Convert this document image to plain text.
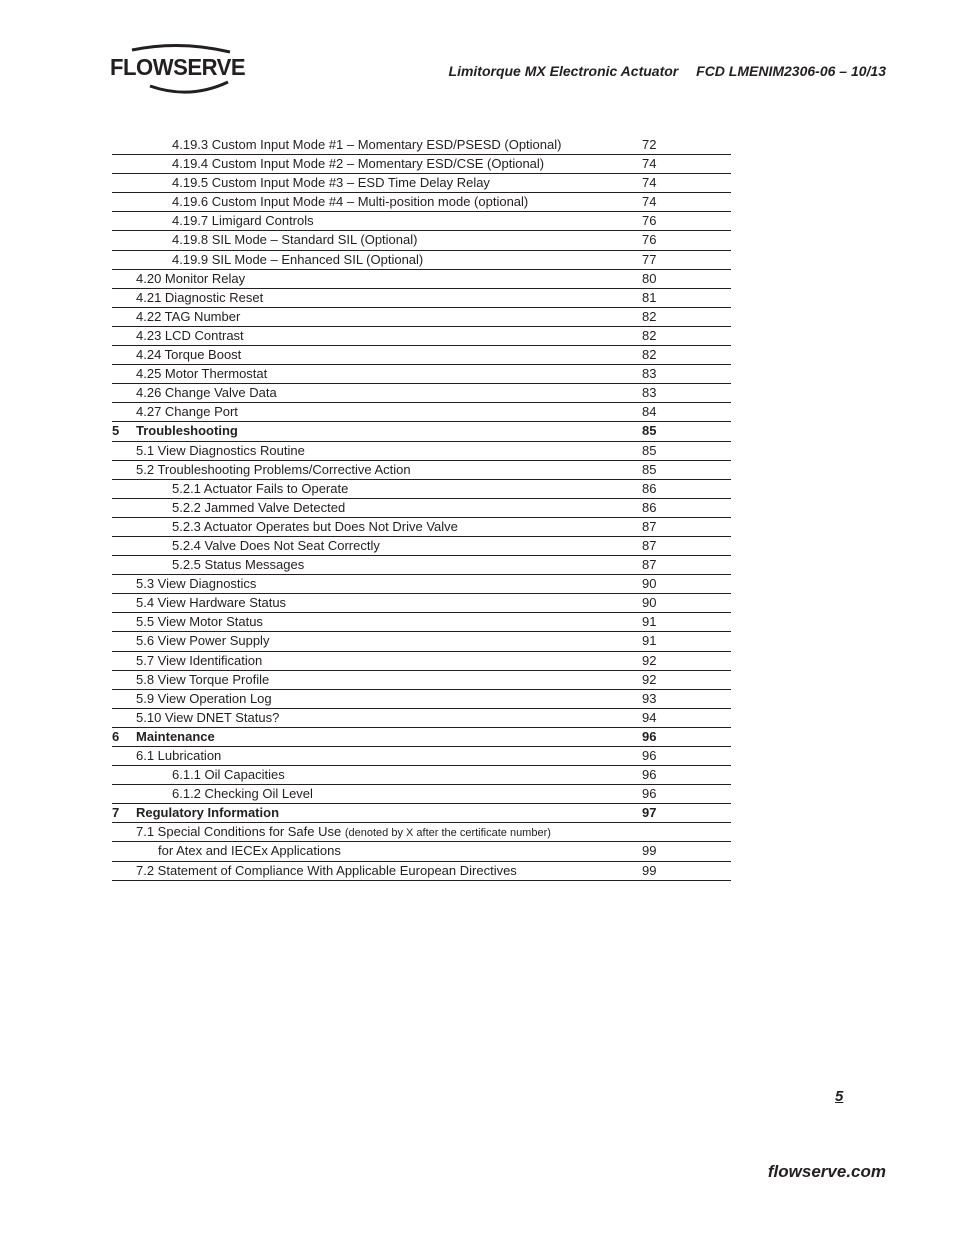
FLOWSERVE	Limitorque MX Electronic Actuator FCD LMENIM2306-06 – 10/13
4.19.3 Custom Input Mode #1 – Momentary ESD/PSESD (Optional)	72
4.19.4 Custom Input Mode #2 – Momentary ESD/CSE (Optional)	74
4.19.5 Custom Input Mode #3 – ESD Time Delay Relay	74
4.19.6 Custom Input Mode #4 – Multi-position mode (optional)	74
4.19.7 Limigard Controls	76
4.19.8 SIL Mode – Standard SIL (Optional)	76
4.19.9 SIL Mode – Enhanced SIL (Optional)	77
4.20 Monitor Relay	80
4.21 Diagnostic Reset	81
4.22 TAG Number	82
4.23 LCD Contrast	82
4.24 Torque Boost	82
4.25 Motor Thermostat	83
4.26 Change Valve Data	83
4.27 Change Port	84
5 Troubleshooting	85
5.1 View Diagnostics Routine	85
5.2 Troubleshooting Problems/Corrective Action	85
5.2.1 Actuator Fails to Operate	86
5.2.2 Jammed Valve Detected	86
5.2.3 Actuator Operates but Does Not Drive Valve	87
5.2.4 Valve Does Not Seat Correctly	87
5.2.5 Status Messages	87
5.3 View Diagnostics	90
5.4 View Hardware Status	90
5.5 View Motor Status	91
5.6 View Power Supply	91
5.7 View Identification	92
5.8 View Torque Profile	92
5.9 View Operation Log	93
5.10 View DNET Status?	94
6 Maintenance	96
6.1 Lubrication	96
6.1.1 Oil Capacities	96
6.1.2 Checking Oil Level	96
7 Regulatory Information	97
7.1 Special Conditions for Safe Use (denoted by X after the certificate number)
for Atex and IECEx Applications	99
7.2 Statement of Compliance With Applicable European Directives	99
5
flowserve.com
